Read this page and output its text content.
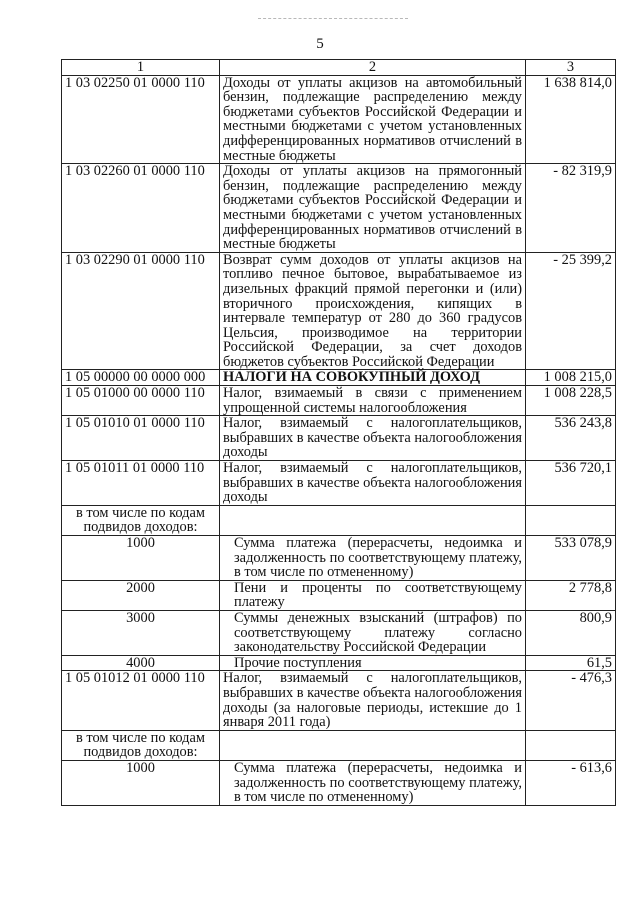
5
1	2	3
1 03 02250 01 0000 110	Доходы от уплаты акцизов на автомобильный бензин, подлежащие распределению между бюджетами субъектов Российской Федерации и местными бюджетами с учетом установленных дифференцированных нормативов отчислений в местные бюджеты	1 638 814,0
1 03 02260 01 0000 110	Доходы от уплаты акцизов на прямогонный бензин, подлежащие распределению между бюджетами субъектов Российской Федерации и местными бюджетами с учетом установленных дифференцированных нормативов отчислений в местные бюджеты	- 82 319,9
1 03 02290 01 0000 110	Возврат сумм доходов от уплаты акцизов на топливо печное бытовое, вырабатываемое из дизельных фракций прямой перегонки и (или) вторичного происхождения, кипящих в интервале температур от 280 до 360 градусов Цельсия, производимое на территории Российской Федерации, за счет доходов бюджетов субъектов Российской Федерации	- 25 399,2
1 05 00000 00 0000 000	НАЛОГИ НА СОВОКУПНЫЙ ДОХОД	1 008 215,0
1 05 01000 00 0000 110	Налог, взимаемый в связи с применением упрощенной системы налогообложения	1 008 228,5
1 05 01010 01 0000 110	Налог, взимаемый с налогоплательщиков, выбравших в качестве объекта налогообложения доходы	536 243,8
1 05 01011 01 0000 110	Налог, взимаемый с налогоплательщиков, выбравших в качестве объекта налогообложения доходы	536 720,1
в том числе по кодам подвидов доходов:		
1000	Сумма платежа (перерасчеты, недоимка и задолженность по соответствующему платежу, в том числе по отмененному)	533 078,9
2000	Пени и проценты по соответствующему платежу	2 778,8
3000	Суммы денежных взысканий (штрафов) по соответствующему платежу согласно законодательству Российской Федерации	800,9
4000	Прочие поступления	61,5
1 05 01012 01 0000 110	Налог, взимаемый с налогоплательщиков, выбравших в качестве объекта налогообложения доходы (за налоговые периоды, истекшие до 1 января 2011 года)	- 476,3
в том числе по кодам подвидов доходов:		
1000	Сумма платежа (перерасчеты, недоимка и задолженность по соответствующему платежу, в том числе по отмененному)	- 613,6
